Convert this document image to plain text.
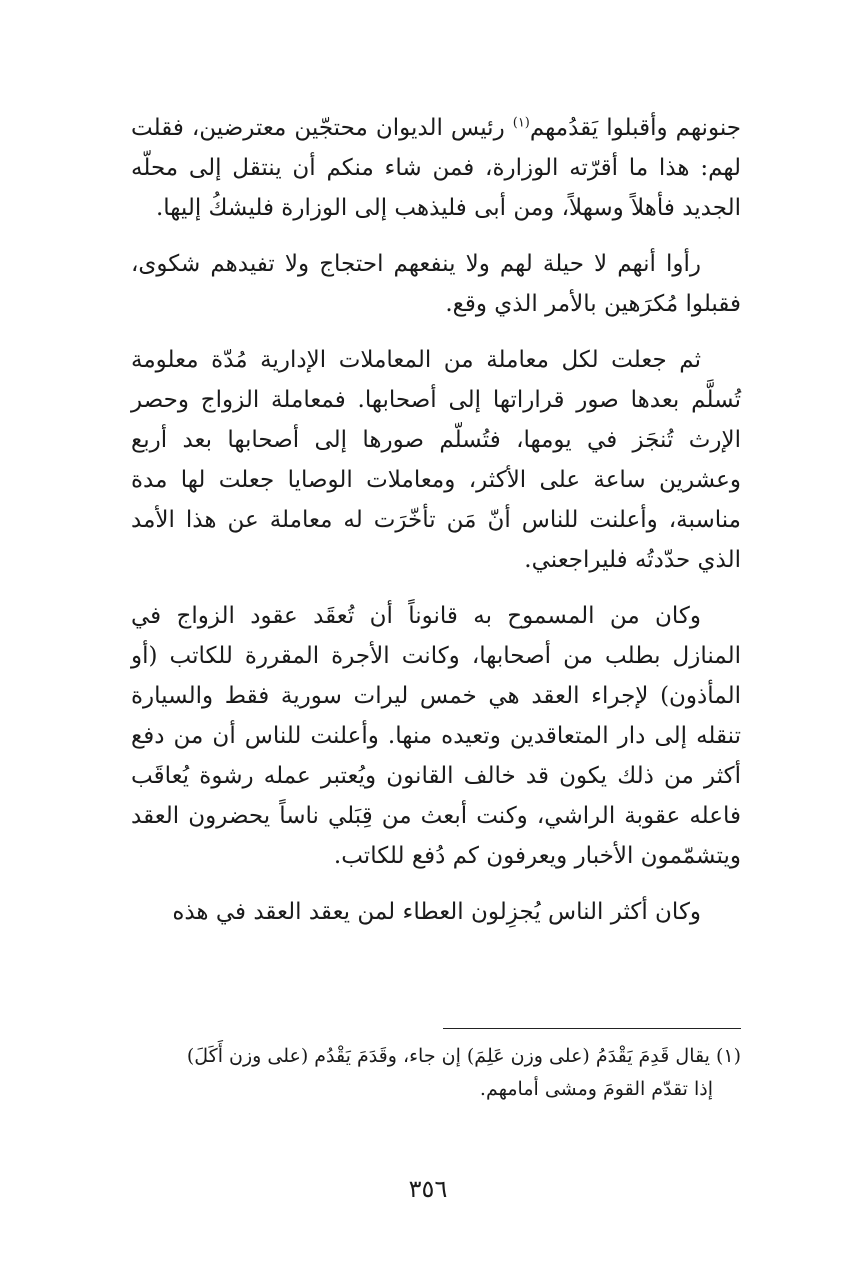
جنونهم وأقبلوا يَقدُمهم$^{(١)}$ رئيس الديوان محتجّين معترضين، فقلت لهم: هذا ما أقرّته الوزارة، فمن شاء منكم أن ينتقل إلى محلّه الجديد فأهلاً وسهلاً، ومن أبى فليذهب إلى الوزارة فليشكُ إليها.

رأوا أنهم لا حيلة لهم ولا ينفعهم احتجاج ولا تفيدهم شكوى، فقبلوا مُكرَهين بالأمر الذي وقع.

ثم جعلت لكل معاملة من المعاملات الإدارية مُدّة معلومة تُسلَّم بعدها صور قراراتها إلى أصحابها. فمعاملة الزواج وحصر الإرث تُنجَز في يومها، فتُسلّم صورها إلى أصحابها بعد أربع وعشرين ساعة على الأكثر، ومعاملات الوصايا جعلت لها مدة مناسبة، وأعلنت للناس أنّ مَن تأخّرَت له معاملة عن هذا الأمد الذي حدّدتُه فليراجعني.

وكان من المسموح به قانوناً أن تُعقَد عقود الزواج في المنازل بطلب من أصحابها، وكانت الأجرة المقررة للكاتب (أو المأذون) لإجراء العقد هي خمس ليرات سورية فقط والسيارة تنقله إلى دار المتعاقدين وتعيده منها. وأعلنت للناس أن من دفع أكثر من ذلك يكون قد خالف القانون ويُعتبر عمله رشوة يُعاقَب فاعله عقوبة الراشي، وكنت أبعث من قِبَلي ناساً يحضرون العقد ويتشمّمون الأخبار ويعرفون كم دُفع للكاتب.

وكان أكثر الناس يُجزِلون العطاء لمن يعقد العقد في هذه

(١) يقال قَدِمَ يَقْدَمُ (على وزن عَلِمَ) إن جاء، وقَدَمَ يَقْدُم (على وزن أَكَلَ)
إذا تقدّم القومَ ومشى أمامهم.
٣٥٦
